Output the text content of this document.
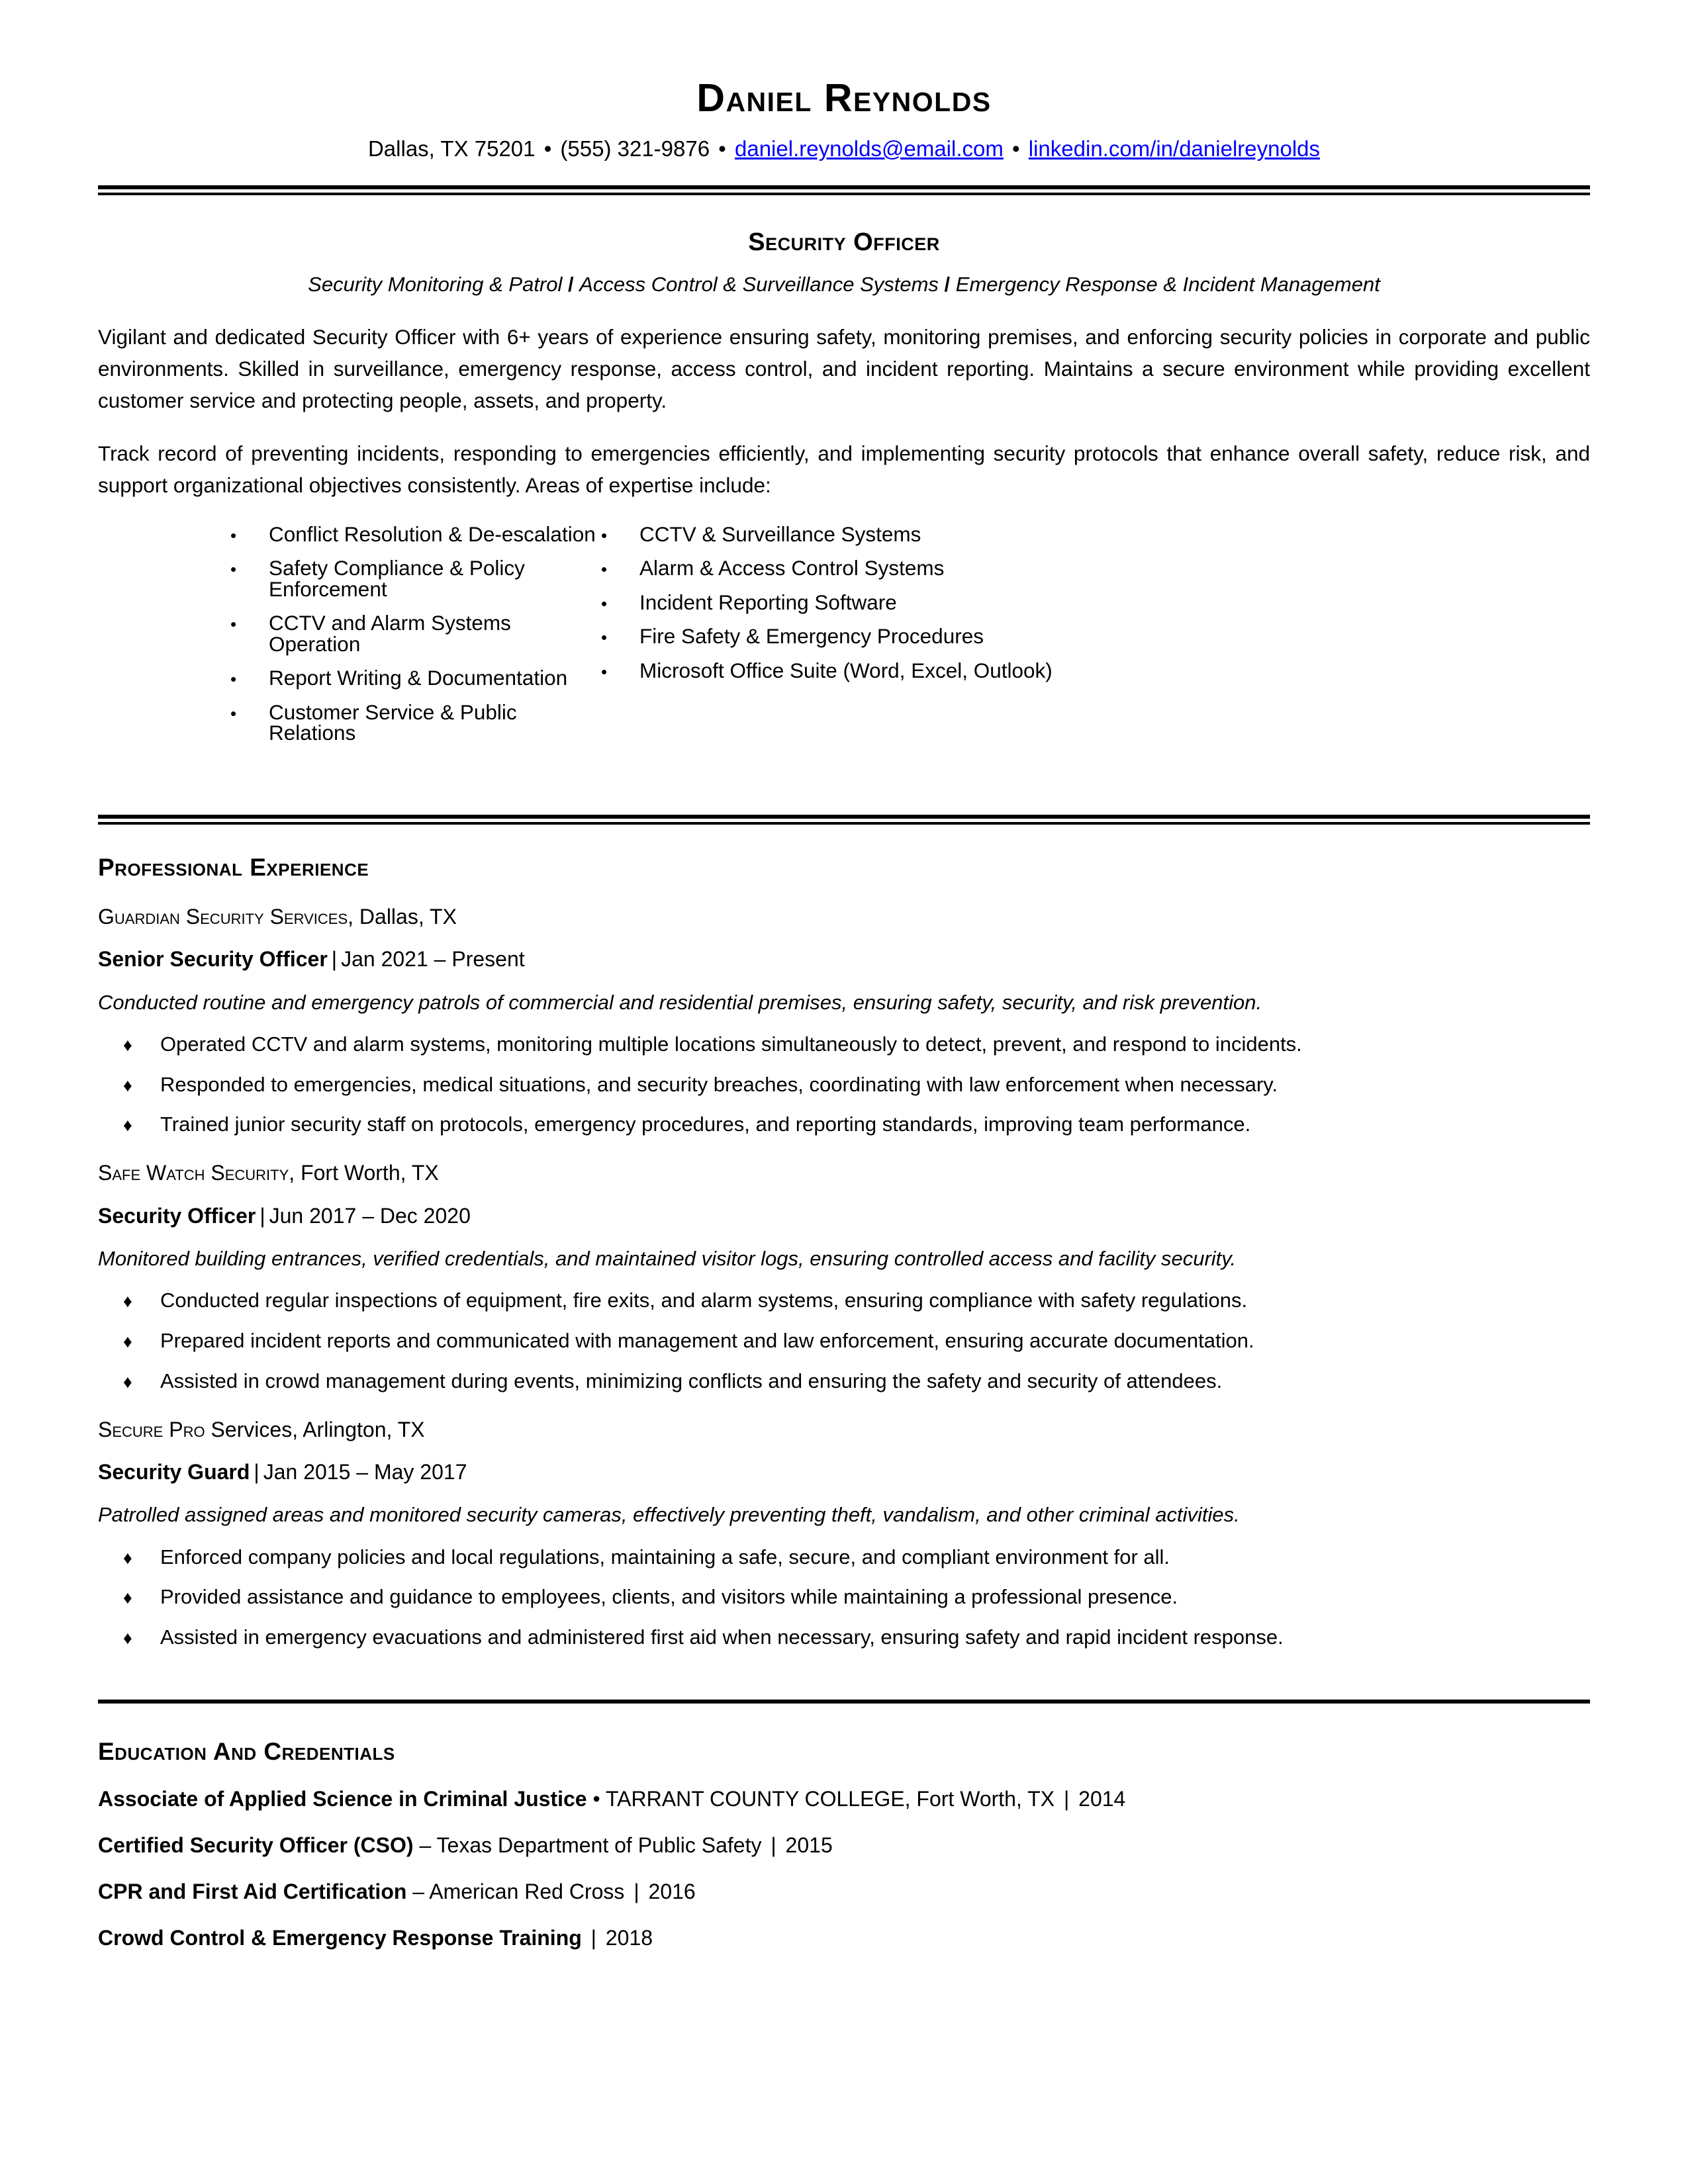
Daniel Reynolds
Dallas, TX 75201 • (555) 321-9876 • daniel.reynolds@email.com • linkedin.com/in/danielreynolds
Security Officer
Security Monitoring & Patrol / Access Control & Surveillance Systems / Emergency Response & Incident Management

Vigilant and dedicated Security Officer with 6+ years of experience ensuring safety, monitoring premises, and enforcing security policies in corporate and public environments. Skilled in surveillance, emergency response, access control, and incident reporting. Maintains a secure environment while providing excellent customer service and protecting people, assets, and property.

Track record of preventing incidents, responding to emergencies efficiently, and implementing security protocols that enhance overall safety, reduce risk, and support organizational objectives consistently. Areas of expertise include:

•	Conflict Resolution & De-escalation
•	Safety Compliance & Policy Enforcement
•	CCTV and Alarm Systems Operation
•	Report Writing & Documentation
•	Customer Service & Public Relations
•	CCTV & Surveillance Systems
•	Alarm & Access Control Systems
•	Incident Reporting Software
•	Fire Safety & Emergency Procedures
•	Microsoft Office Suite (Word, Excel, Outlook)
Professional Experience
Guardian Security Services, Dallas, TX
Senior Security Officer | Jan 2021 – Present
Conducted routine and emergency patrols of commercial and residential premises, ensuring safety, security, and risk prevention.
♦	Operated CCTV and alarm systems, monitoring multiple locations simultaneously to detect, prevent, and respond to incidents.
♦	Responded to emergencies, medical situations, and security breaches, coordinating with law enforcement when necessary.
♦	Trained junior security staff on protocols, emergency procedures, and reporting standards, improving team performance.
Safe Watch Security, Fort Worth, TX
Security Officer | Jun 2017 – Dec 2020
Monitored building entrances, verified credentials, and maintained visitor logs, ensuring controlled access and facility security.
♦	Conducted regular inspections of equipment, fire exits, and alarm systems, ensuring compliance with safety regulations.
♦	Prepared incident reports and communicated with management and law enforcement, ensuring accurate documentation.
♦	Assisted in crowd management during events, minimizing conflicts and ensuring the safety and security of attendees.
Secure Pro Services, Arlington, TX
Security Guard | Jan 2015 – May 2017
Patrolled assigned areas and monitored security cameras, effectively preventing theft, vandalism, and other criminal activities.
♦	Enforced company policies and local regulations, maintaining a safe, secure, and compliant environment for all.
♦	Provided assistance and guidance to employees, clients, and visitors while maintaining a professional presence.
♦	Assisted in emergency evacuations and administered first aid when necessary, ensuring safety and rapid incident response.
Education And Credentials
Associate of Applied Science in Criminal Justice • TARRANT COUNTY COLLEGE, Fort Worth, TX | 2014
Certified Security Officer (CSO) – Texas Department of Public Safety | 2015
CPR and First Aid Certification – American Red Cross | 2016
Crowd Control & Emergency Response Training | 2018
